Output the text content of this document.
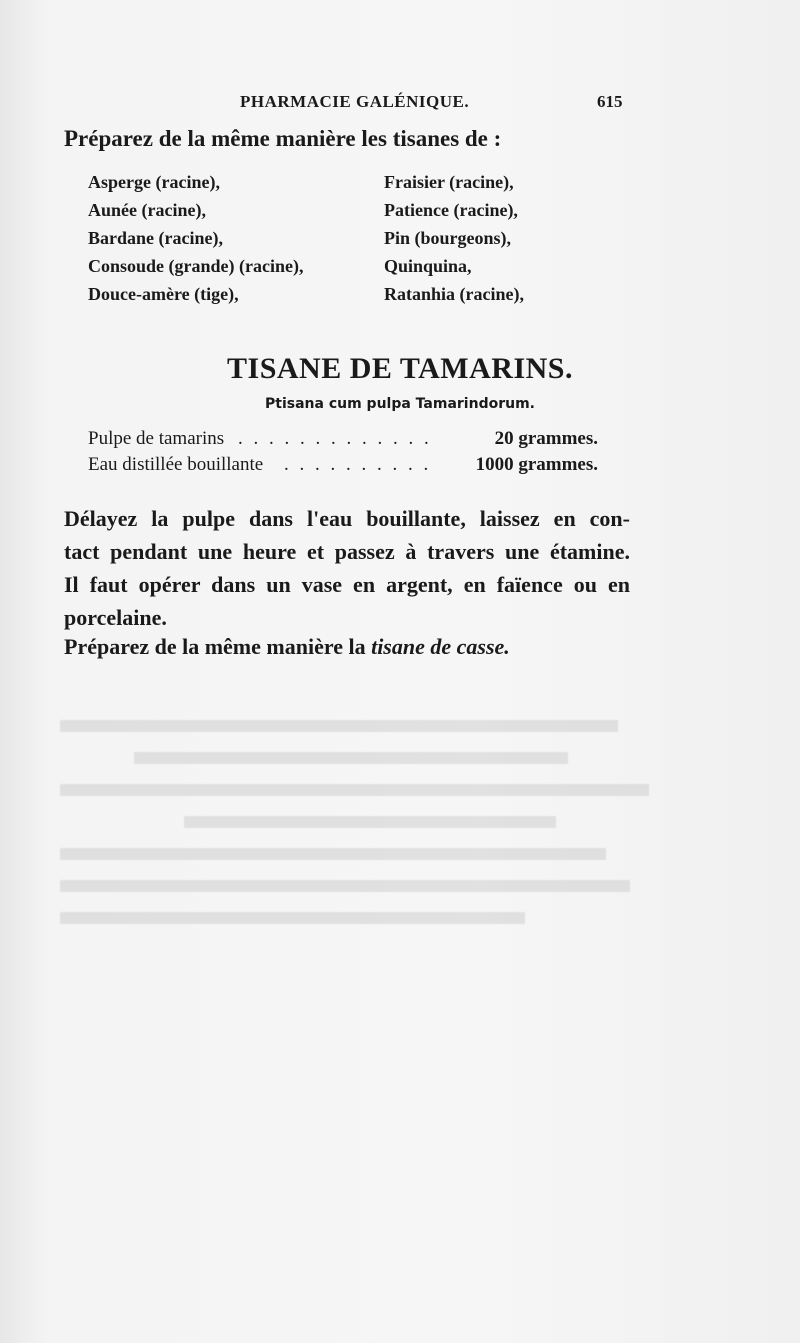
PHARMACIE GALÉNIQUE.	615
Préparez de la même manière les tisanes de :
Asperge (racine),
Aunée (racine),
Bardane (racine),
Consoude (grande) (racine),
Douce-amère (tige),
Fraisier (racine),
Patience (racine),
Pin (bourgeons),
Quinquina,
Ratanhia (racine),
TISANE DE TAMARINS.
Ptisana cum pulpa Tamarindorum.
Pulpe de tamarins . . . . . . . . . . . . .	20 grammes.
Eau distillée bouillante . . . . . . . . . . 1000 grammes.
Délayez la pulpe dans l'eau bouillante, laissez en con-
tact pendant une heure et passez à travers une étamine.
Il faut opérer dans un vase en argent, en faïence ou en
porcelaine.
Préparez de la même manière la tisane de casse.
